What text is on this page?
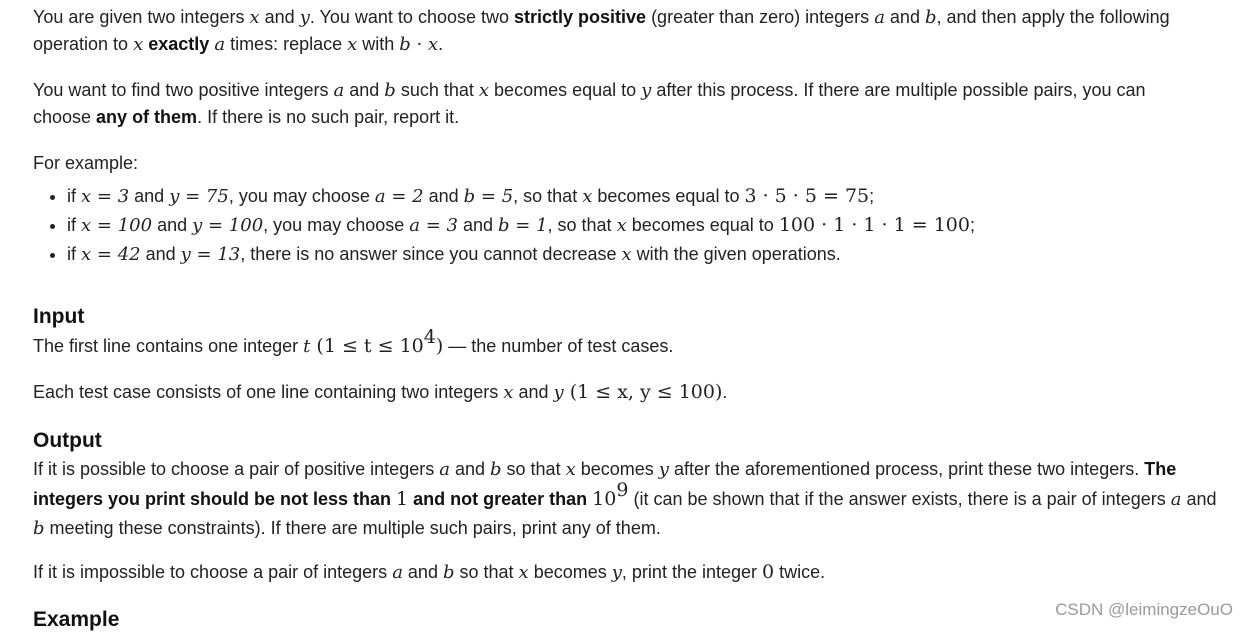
You are given two integers x and y. You want to choose two strictly positive (greater than zero) integers a and b, and then apply the following operation to x exactly a times: replace x with b · x.

You want to find two positive integers a and b such that x becomes equal to y after this process. If there are multiple possible pairs, you can choose any of them. If there is no such pair, report it.

For example:

• if x = 3 and y = 75, you may choose a = 2 and b = 5, so that x becomes equal to 3 · 5 · 5 = 75;
• if x = 100 and y = 100, you may choose a = 3 and b = 1, so that x becomes equal to 100 · 1 · 1 · 1 = 100;
• if x = 42 and y = 13, there is no answer since you cannot decrease x with the given operations.
Input

The first line contains one integer t $(1 \le t \le 10^4)$ — the number of test cases.

Each test case consists of one line containing two integers x and y (1 ≤ x, y ≤ 100).

Output

If it is possible to choose a pair of positive integers a and b so that x becomes y after the aforementioned process, print these two integers. The integers you print should be not less than 1 and not greater than $10^9$ (it can be shown that if the answer exists, there is a pair of integers a and b meeting these constraints). If there are multiple such pairs, print any of them.

If it is impossible to choose a pair of integers a and b so that x becomes y, print the integer 0 twice.

Example	CSDN @leimingzeOuO
